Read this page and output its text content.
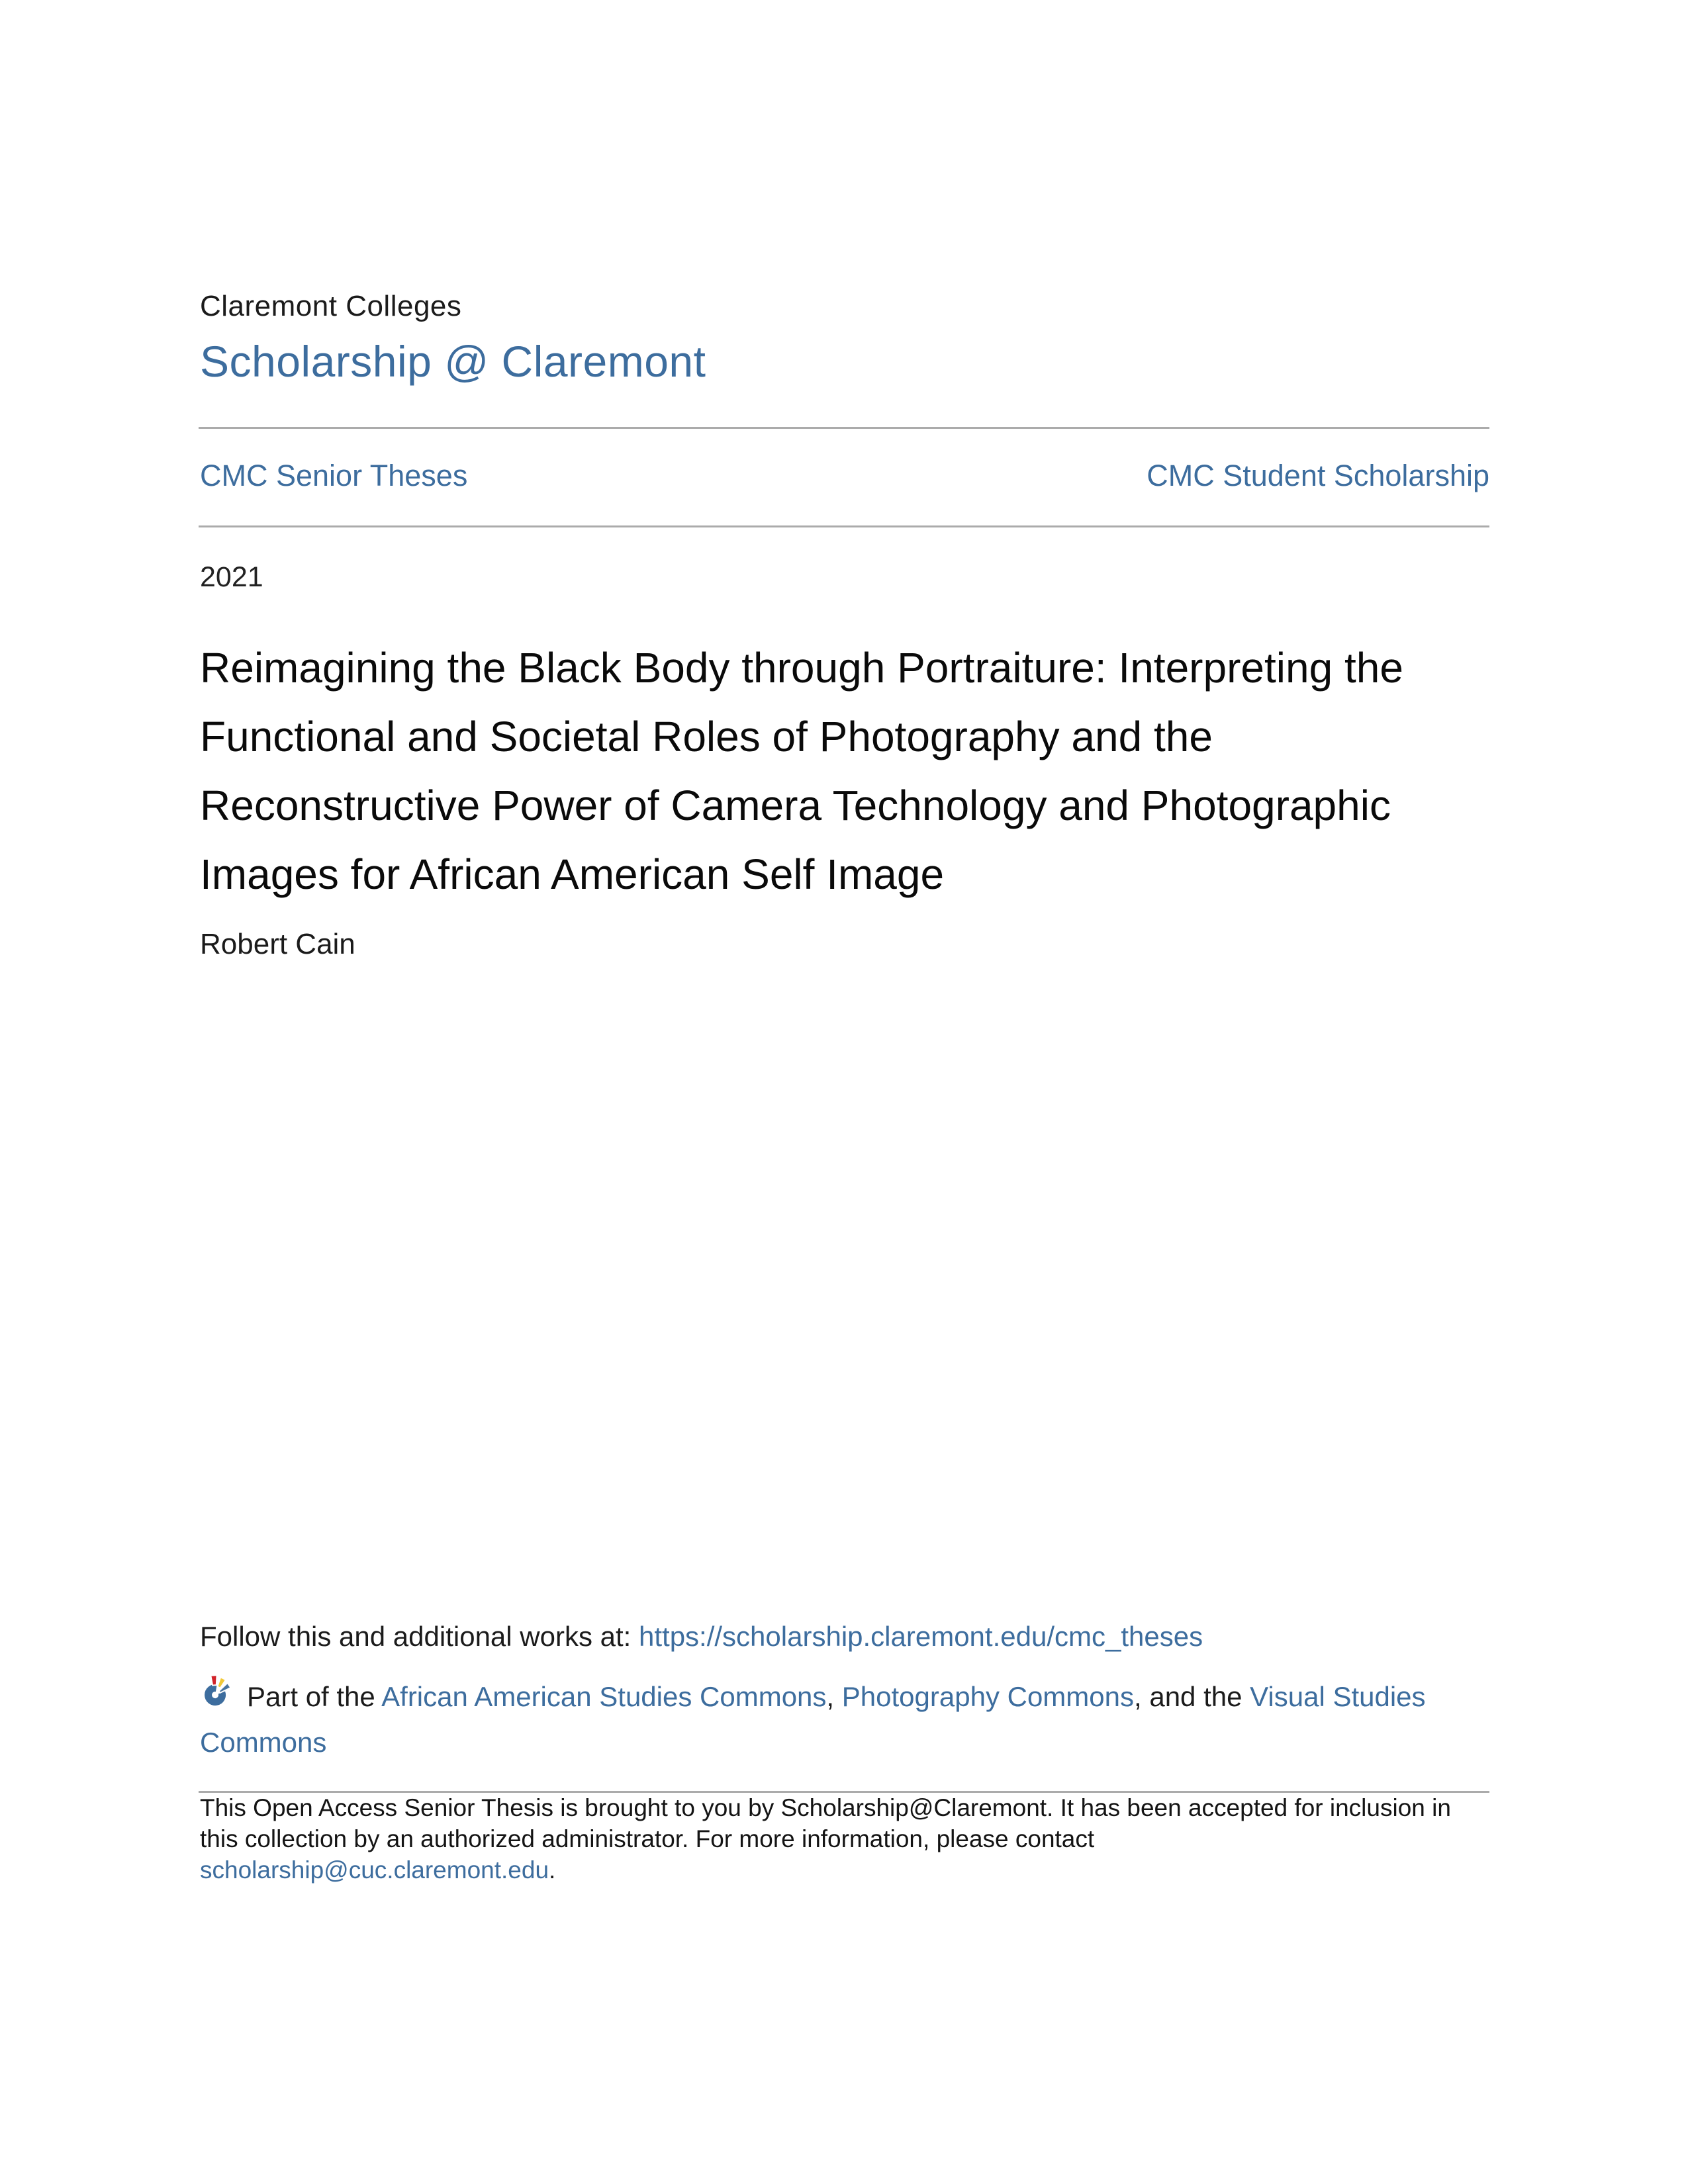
Claremont Colleges
Scholarship @ Claremont
CMC Senior Theses	CMC Student Scholarship
2021
Reimagining the Black Body through Portraiture: Interpreting the Functional and Societal Roles of Photography and the Reconstructive Power of Camera Technology and Photographic Images for African American Self Image
Robert Cain
Follow this and additional works at: https://scholarship.claremont.edu/cmc_theses
Part of the African American Studies Commons, Photography Commons, and the Visual Studies Commons
This Open Access Senior Thesis is brought to you by Scholarship@Claremont. It has been accepted for inclusion in
this collection by an authorized administrator. For more information, please contact
scholarship@cuc.claremont.edu.
